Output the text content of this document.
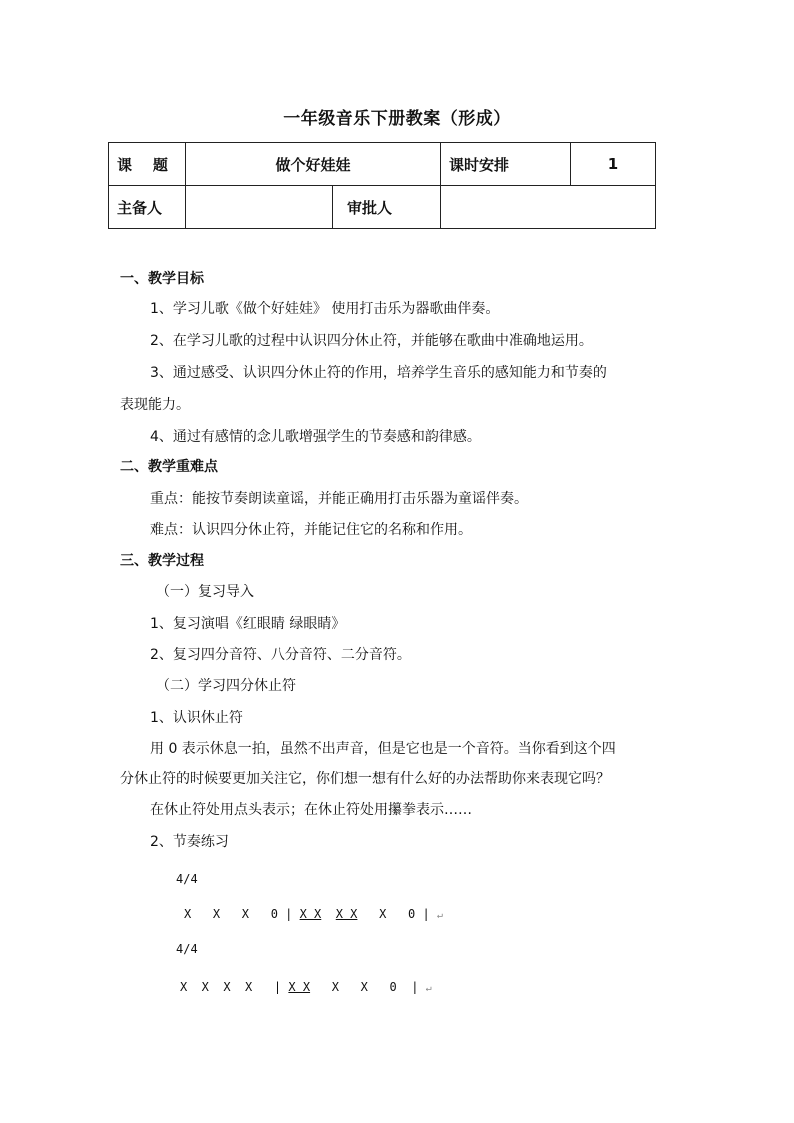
一年级音乐下册教案（形成）
课    题	做个好娃娃		课时安排	1
主备人		审批人		
一、教学目标
1、学习儿歌《做个好娃娃》 使用打击乐为器歌曲伴奏。
2、在学习儿歌的过程中认识四分休止符，并能够在歌曲中准确地运用。
3、通过感受、认识四分休止符的作用，培养学生音乐的感知能力和节奏的
表现能力。
4、通过有感情的念儿歌增强学生的节奏感和韵律感。
二、教学重难点
重点：能按节奏朗读童谣，并能正确用打击乐器为童谣伴奏。
难点：认识四分休止符，并能记住它的名称和作用。
三、教学过程
（一）复习导入
1、复习演唱《红眼睛 绿眼睛》
2、复习四分音符、八分音符、二分音符。
（二）学习四分休止符
1、认识休止符
用 0 表示休息一拍，虽然不出声音，但是它也是一个音符。当你看到这个四
分休止符的时候要更加关注它，你们想一想有什么好的办法帮助你来表现它吗？
在休止符处用点头表示；在休止符处用攥拳表示……
2、节奏练习
4/4
X   X   X   0 | X X X X   X   0 | ↵
4/4
X  X  X  X   | X X   X   X   0  | ↵
